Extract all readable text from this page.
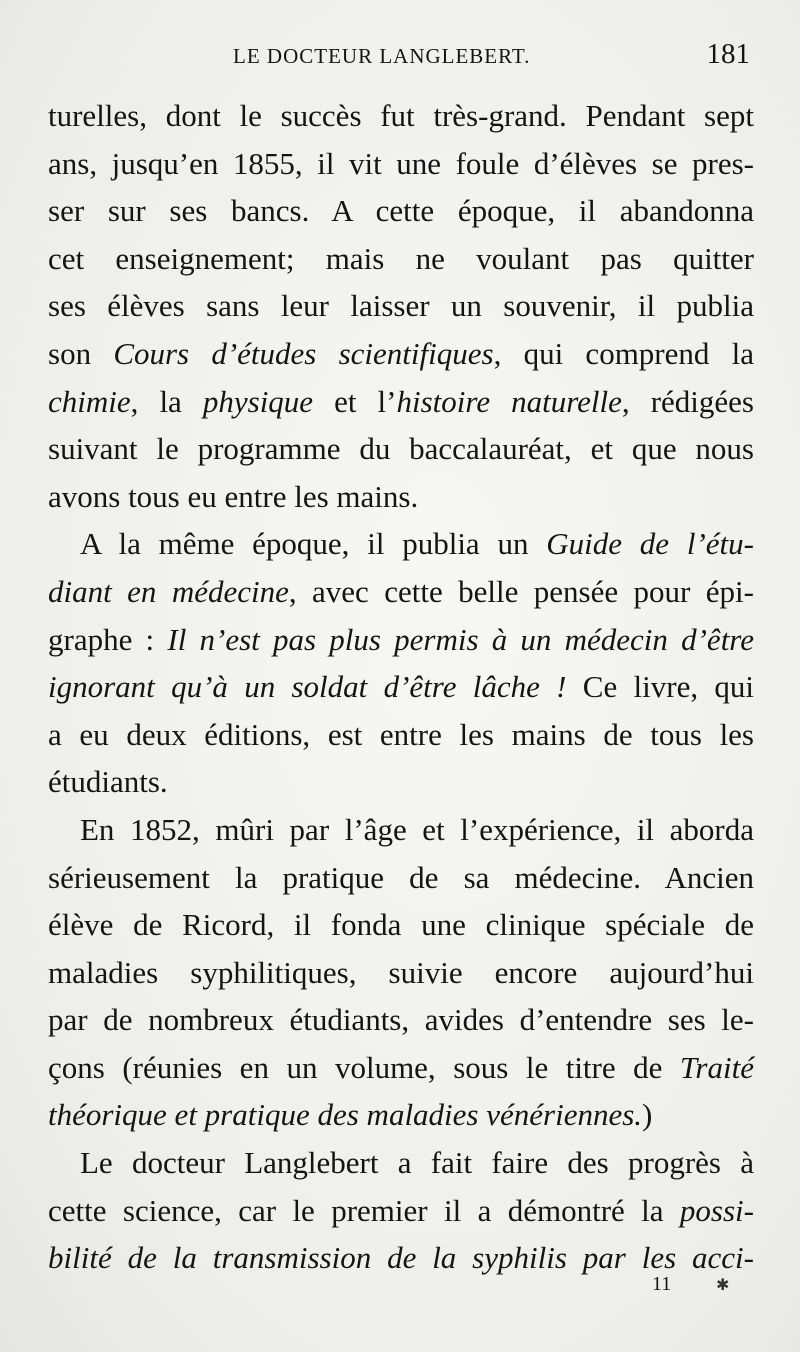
LE DOCTEUR LANGLEBERT.	181
turelles, dont le succès fut très-grand. Pendant sept
ans, jusqu’en 1855, il vit une foule d’élèves se pres-
ser sur ses bancs. A cette époque, il abandonna
cet enseignement; mais ne voulant pas quitter
ses élèves sans leur laisser un souvenir, il publia
son Cours d’études scientifiques, qui comprend la
chimie, la physique et l’histoire naturelle, rédigées
suivant le programme du baccalauréat, et que nous
avons tous eu entre les mains.
A la même époque, il publia un Guide de l’étu-
diant en médecine, avec cette belle pensée pour épi-
graphe : Il n’est pas plus permis à un médecin d’être
ignorant qu’à un soldat d’être lâche ! Ce livre, qui
a eu deux éditions, est entre les mains de tous les
étudiants.
En 1852, mûri par l’âge et l’expérience, il aborda
sérieusement la pratique de sa médecine. Ancien
élève de Ricord, il fonda une clinique spéciale de
maladies syphilitiques, suivie encore aujourd’hui
par de nombreux étudiants, avides d’entendre ses le-
çons (réunies en un volume, sous le titre de Traité
théorique et pratique des maladies vénériennes.)
Le docteur Langlebert a fait faire des progrès à
cette science, car le premier il a démontré la possi-
bilité de la transmission de la syphilis par les acci-
11	✱
